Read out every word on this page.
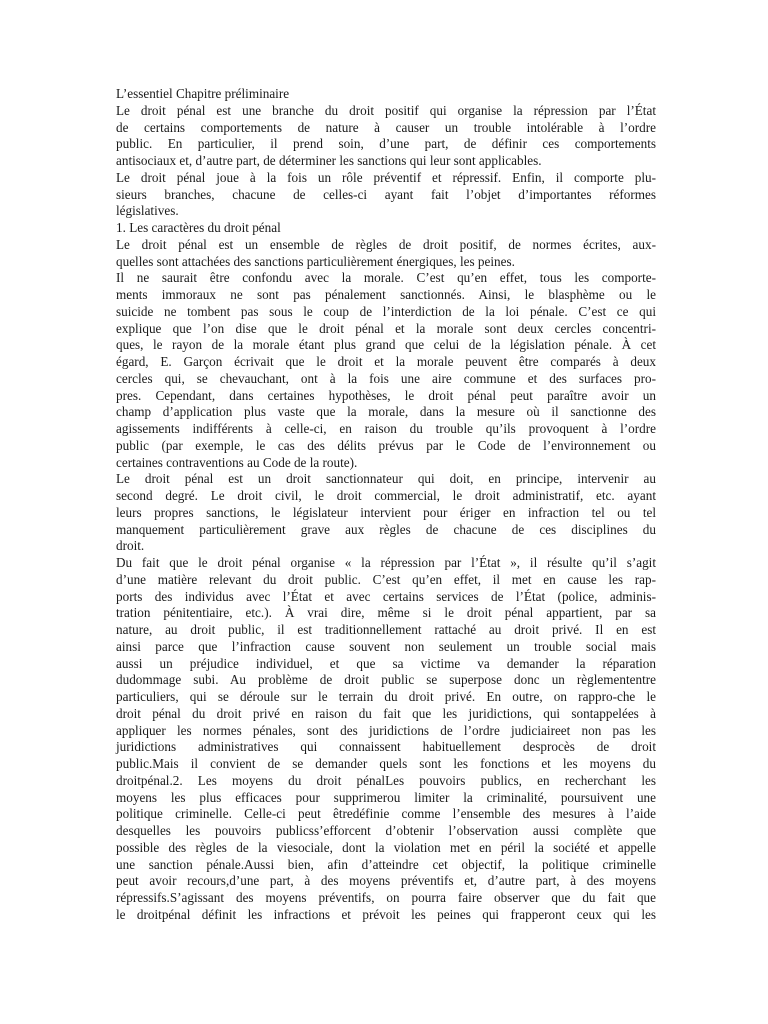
L’essentiel Chapitre préliminaire
Le droit pénal est une branche du droit positif qui organise la répression par l’État
de certains comportements de nature à causer un trouble intolérable à l’ordre
public. En particulier, il prend soin, d’une part, de définir ces comportements
antisociaux et, d’autre part, de déterminer les sanctions qui leur sont applicables.
Le droit pénal joue à la fois un rôle préventif et répressif. Enfin, il comporte plu-
sieurs branches, chacune de celles-ci ayant fait l’objet d’importantes réformes
législatives.
1. Les caractères du droit pénal
Le droit pénal est un ensemble de règles de droit positif, de normes écrites, aux-
quelles sont attachées des sanctions particulièrement énergiques, les peines.
Il ne saurait être confondu avec la morale. C’est qu’en effet, tous les comporte-
ments immoraux ne sont pas pénalement sanctionnés. Ainsi, le blasphème ou le
suicide ne tombent pas sous le coup de l’interdiction de la loi pénale. C’est ce qui
explique que l’on dise que le droit pénal et la morale sont deux cercles concentri-
ques, le rayon de la morale étant plus grand que celui de la législation pénale. À cet
égard, E. Garçon écrivait que le droit et la morale peuvent être comparés à deux
cercles qui, se chevauchant, ont à la fois une aire commune et des surfaces pro-
pres. Cependant, dans certaines hypothèses, le droit pénal peut paraître avoir un
champ d’application plus vaste que la morale, dans la mesure où il sanctionne des
agissements indifférents à celle-ci, en raison du trouble qu’ils provoquent à l’ordre
public (par exemple, le cas des délits prévus par le Code de l’environnement ou
certaines contraventions au Code de la route).
Le droit pénal est un droit sanctionnateur qui doit, en principe, intervenir au
second degré. Le droit civil, le droit commercial, le droit administratif, etc. ayant
leurs propres sanctions, le législateur intervient pour ériger en infraction tel ou tel
manquement particulièrement grave aux règles de chacune de ces disciplines du
droit.
Du fait que le droit pénal organise « la répression par l’État », il résulte qu’il s’agit
d’une matière relevant du droit public. C’est qu’en effet, il met en cause les rap-
ports des individus avec l’État et avec certains services de l’État (police, adminis-
tration pénitentiaire, etc.). À vrai dire, même si le droit pénal appartient, par sa
nature, au droit public, il est traditionnellement rattaché au droit privé. Il en est
ainsi parce que l’infraction cause souvent non seulement un trouble social mais
aussi un préjudice individuel, et que sa victime va demander la réparation
dudommage subi. Au problème de droit public se superpose donc un règlemententre
particuliers, qui se déroule sur le terrain du droit privé. En outre, on rappro-che le
droit pénal du droit privé en raison du fait que les juridictions, qui sontappelées à
appliquer les normes pénales, sont des juridictions de l’ordre judiciaireet non pas les
juridictions administratives qui connaissent habituellement desprocès de droit
public.Mais il convient de se demander quels sont les fonctions et les moyens du
droitpénal.2. Les moyens du droit pénalLes pouvoirs publics, en recherchant les
moyens les plus efficaces pour supprimerou limiter la criminalité, poursuivent une
politique criminelle. Celle-ci peut êtredéfinie comme l’ensemble des mesures à l’aide
desquelles les pouvoirs publicss’efforcent d’obtenir l’observation aussi complète que
possible des règles de la viesociale, dont la violation met en péril la société et appelle
une sanction pénale.Aussi bien, afin d’atteindre cet objectif, la politique criminelle
peut avoir recours,d’une part, à des moyens préventifs et, d’autre part, à des moyens
répressifs.S’agissant des moyens préventifs, on pourra faire observer que du fait que
le droitpénal définit les infractions et prévoit les peines qui frapperont ceux qui les
